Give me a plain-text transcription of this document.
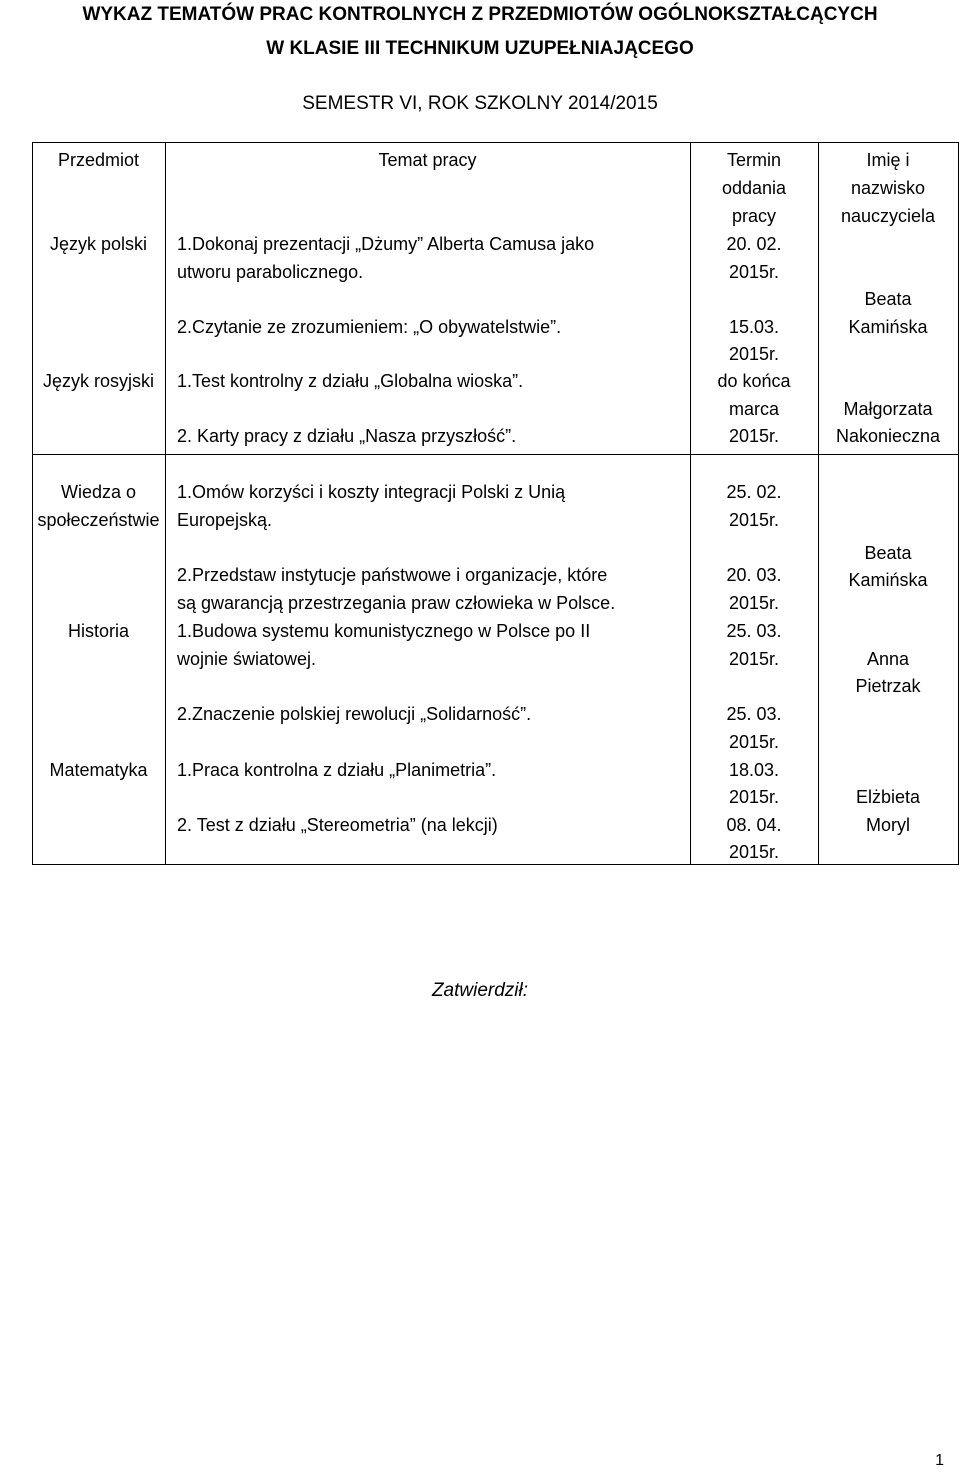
WYKAZ TEMATÓW PRAC KONTROLNYCH Z PRZEDMIOTÓW OGÓLNOKSZTAŁCĄCYCH
W KLASIE III TECHNIKUM UZUPEŁNIAJĄCEGO
SEMESTR VI, ROK SZKOLNY 2014/2015
Przedmiot	Temat pracy	Termin
oddania
pracy
Imię i
nazwisko
nauczyciela
Język polski
Język rosyjski
1.Dokonaj prezentacji „Dżumy” Alberta Camusa jako
utworu parabolicznego.
2.Czytanie ze zrozumieniem: „O obywatelstwie”.
1.Test kontrolny z działu „Globalna wioska”.
2. Karty pracy z działu „Nasza przyszłość”.
20. 02.
2015r.
15.03.
2015r.
do końca
marca
2015r.
Beata
Kamińska
Małgorzata
Nakonieczna
Wiedza o
społeczeństwie
Historia
Matematyka
1.Omów korzyści i koszty integracji Polski z Unią
Europejską.
2.Przedstaw instytucje państwowe i organizacje, które
są gwarancją przestrzegania praw człowieka w Polsce.
1.Budowa systemu komunistycznego w Polsce po II
wojnie światowej.
2.Znaczenie polskiej rewolucji „Solidarność”.
1.Praca kontrolna z działu „Planimetria”.
2. Test z działu „Stereometria” (na lekcji)
25. 02.
2015r.
20. 03.
2015r.
25. 03.
2015r.
25. 03.
2015r.
18.03.
2015r.
08. 04.
2015r.
Beata
Kamińska
Anna
Pietrzak
Elżbieta
Moryl
Zatwierdził:
1
